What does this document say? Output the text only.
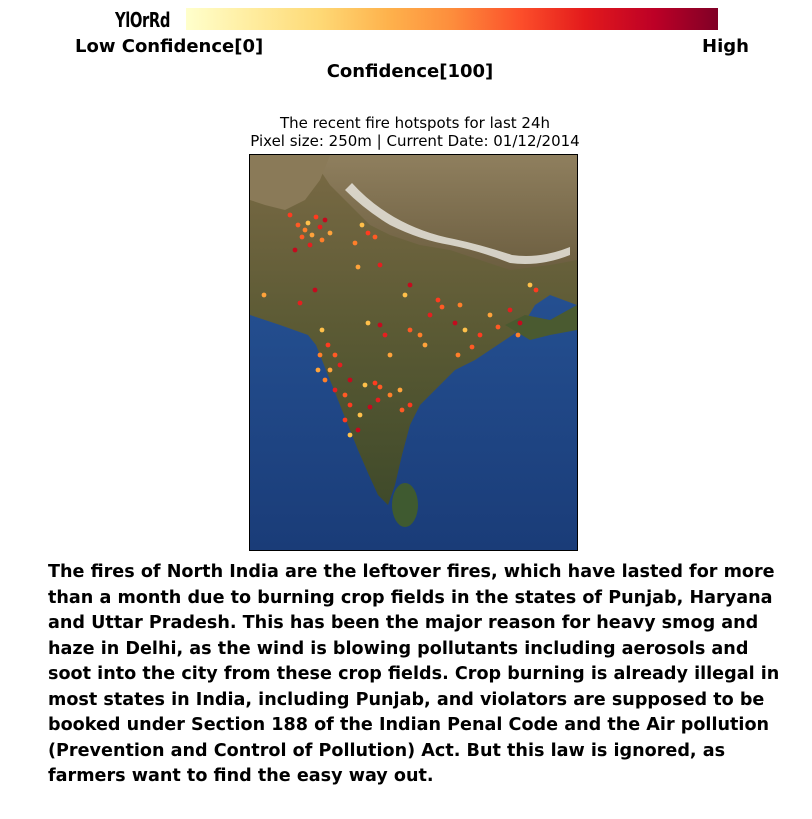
YlOrRd
Low Confidence[0]	High
Confidence[100]
The recent fire hotspots for last 24h
Pixel size: 250m | Current Date: 01/12/2014
The fires of North India are the leftover fires, which have lasted for more than a month due to burning crop fields in the states of Punjab, Haryana and Uttar Pradesh. This has been the major reason for heavy smog and haze in Delhi, as the wind is blowing pollutants including aerosols and soot into the city from these crop fields. Crop burning is already illegal in most states in India, including Punjab, and violators are supposed to be booked under Section 188 of the Indian Penal Code and the Air pollution (Prevention and Control of Pollution) Act. But this law is ignored, as farmers want to find the easy way out.
